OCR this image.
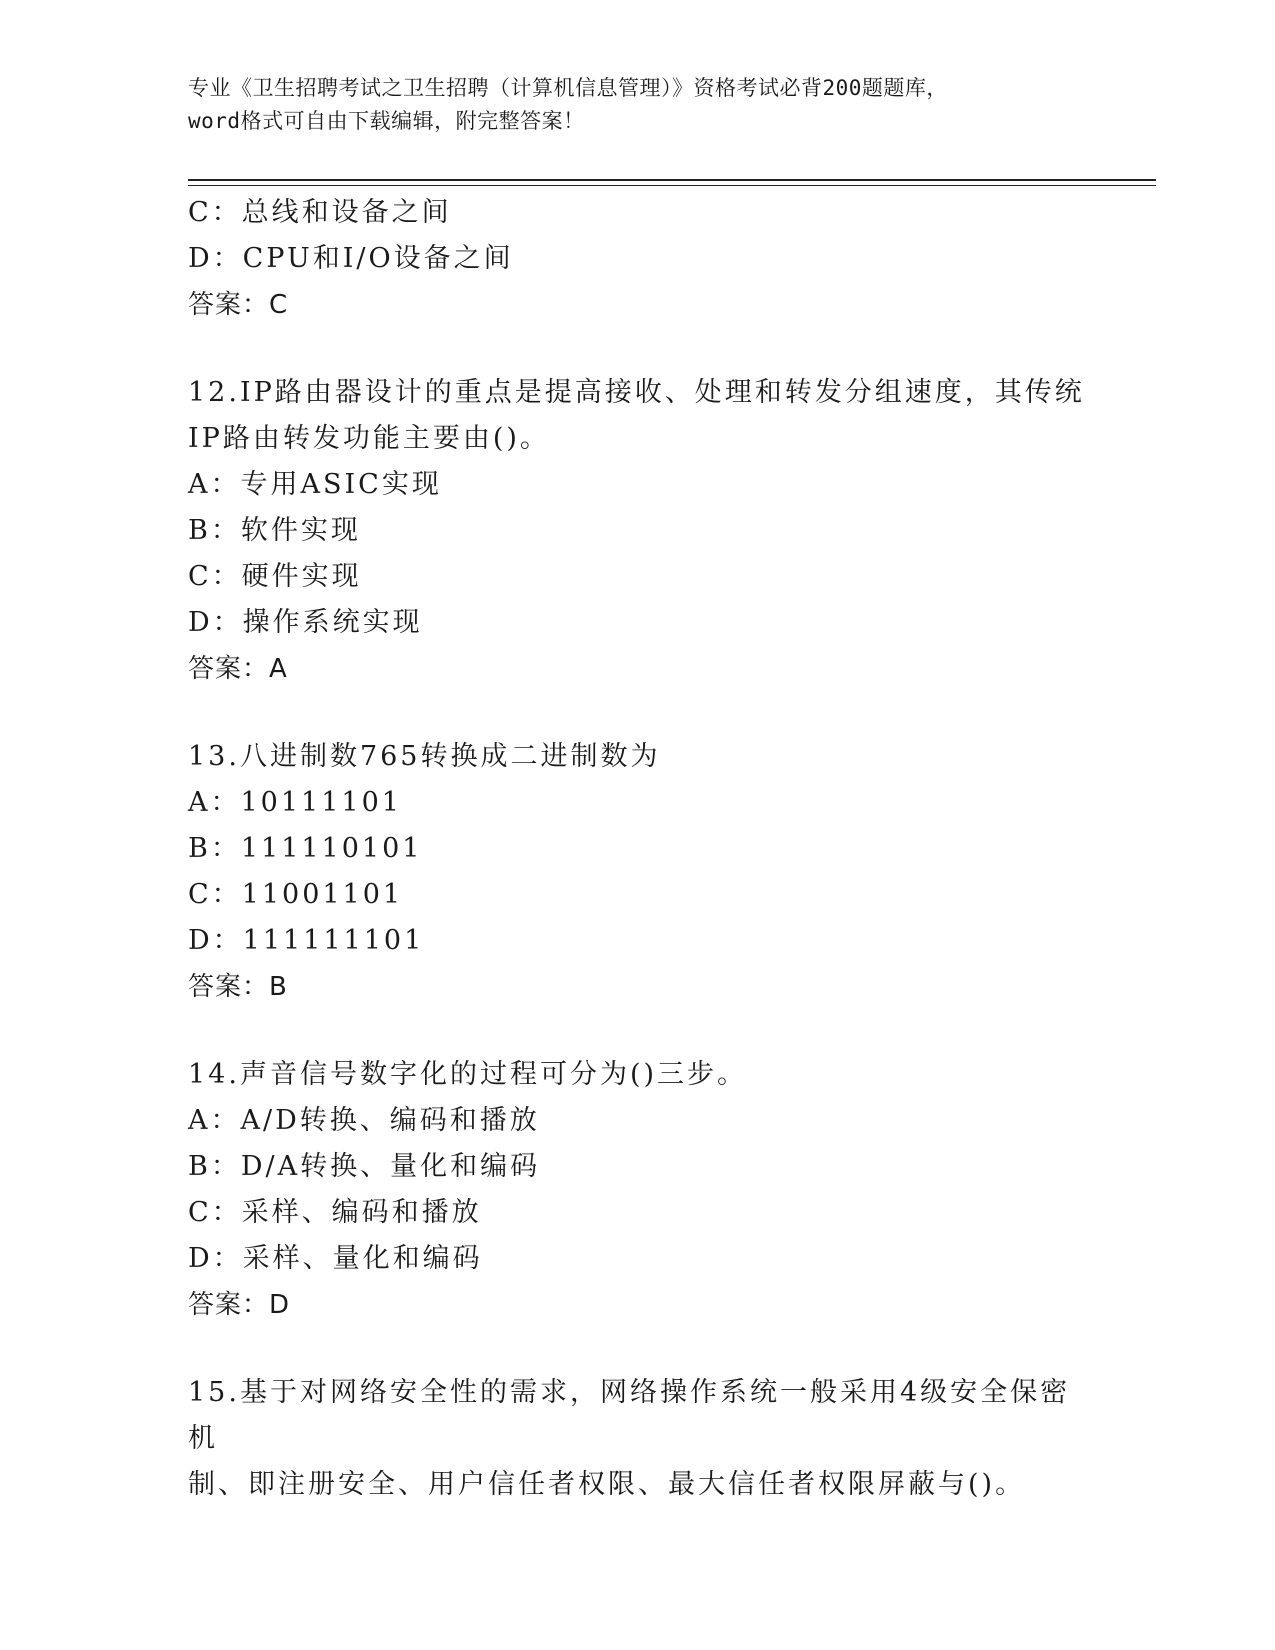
专业《卫生招聘考试之卫生招聘（计算机信息管理）》资格考试必背200题题库，
word格式可自由下载编辑，附完整答案！
C：总线和设备之间
D：CPU和I/O设备之间
答案：C
12.IP路由器设计的重点是提高接收、处理和转发分组速度，其传统
IP路由转发功能主要由()。
A：专用ASIC实现
B：软件实现
C：硬件实现
D：操作系统实现
答案：A
13.八进制数765转换成二进制数为
A：10111101
B：111110101
C：11001101
D：111111101
答案：B
14.声音信号数字化的过程可分为()三步。
A：A/D转换、编码和播放
B：D/A转换、量化和编码
C：采样、编码和播放
D：采样、量化和编码
答案：D
15.基于对网络安全性的需求，网络操作系统一般采用4级安全保密机
制、即注册安全、用户信任者权限、最大信任者权限屏蔽与()。
